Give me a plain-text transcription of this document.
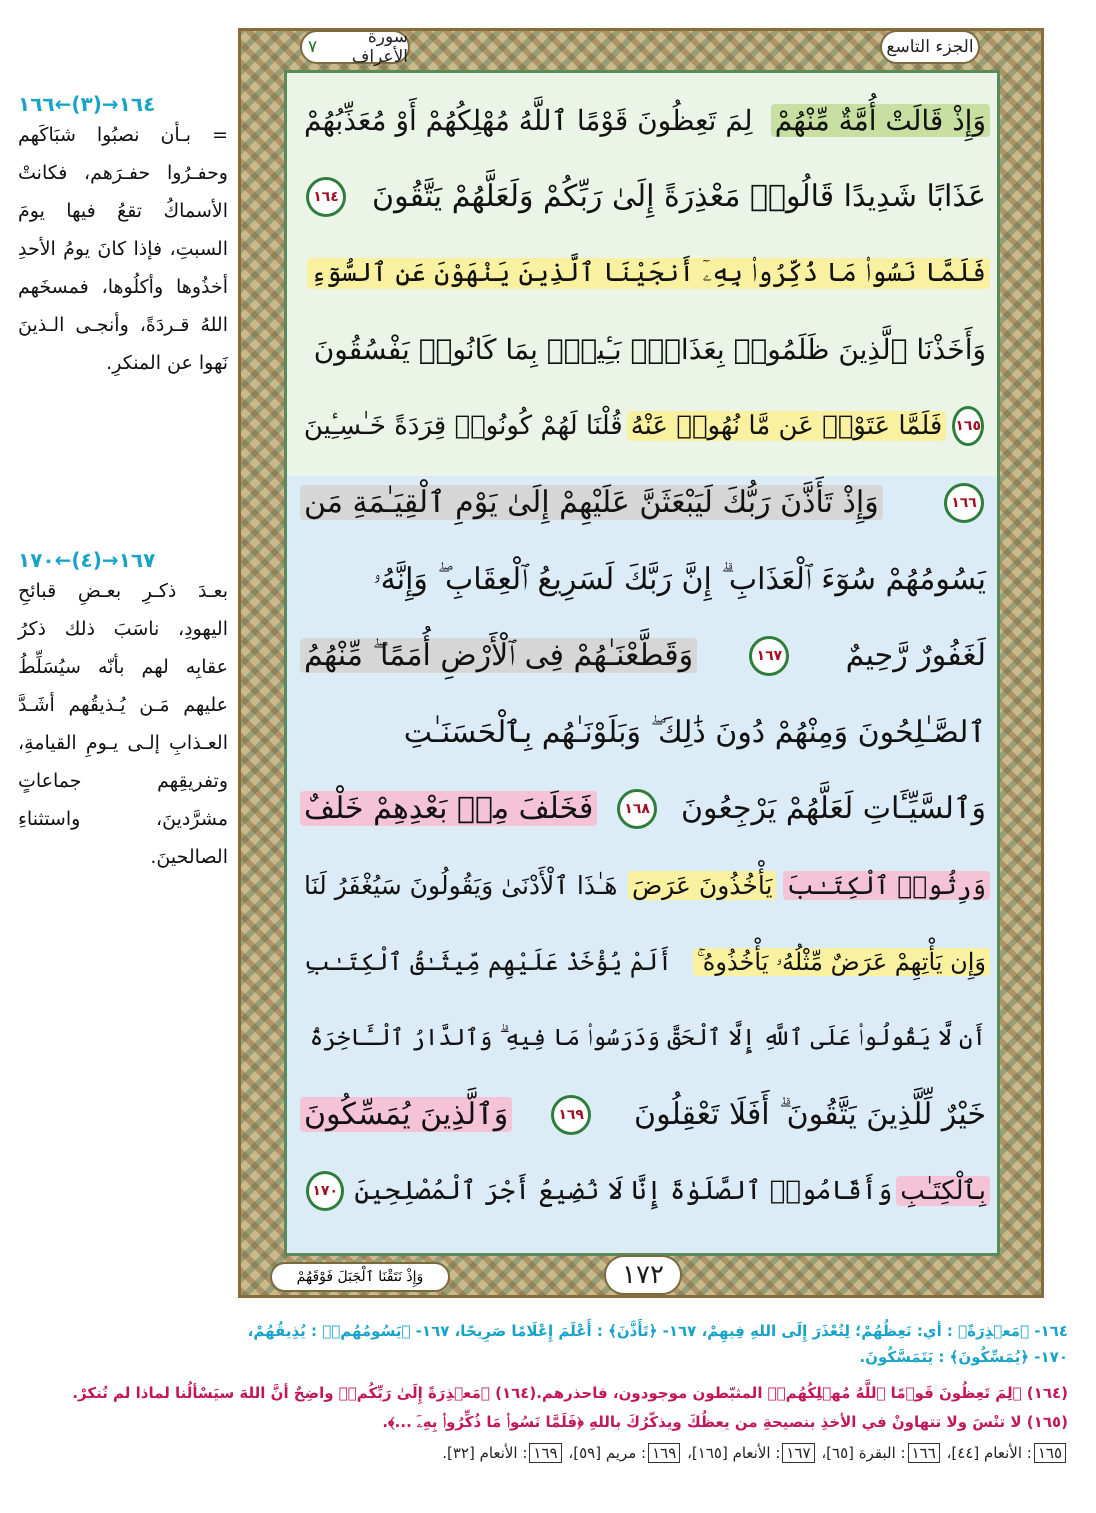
الجزء التاسع
سورة الأعراف
٧
وَإِذْ قَالَتْ أُمَّةٌ مِّنْهُمْ
لِمَ تَعِظُونَ قَوْمًا ٱللَّهُ مُهْلِكُهُمْ أَوْ مُعَذِّبُهُمْ
عَذَابًا شَدِيدًا قَالُوا۟ مَعْذِرَةً إِلَىٰ رَبِّكُمْ وَلَعَلَّهُمْ يَتَّقُونَ
١٦٤
فَلَمَّا نَسُوا۟ مَا ذُكِّرُوا۟ بِهِۦٓ أَنجَيْنَا ٱلَّذِينَ يَنْهَوْنَ عَنِ ٱلسُّوٓءِ
وَأَخَذْنَا ٱلَّذِينَ ظَلَمُوا۟ بِعَذَابٍۭ بَـِٔيسٍۭ بِمَا كَانُوا۟ يَفْسُقُونَ
١٦٥
فَلَمَّا عَتَوْا۟ عَن مَّا نُهُوا۟ عَنْهُ
قُلْنَا لَهُمْ كُونُوا۟ قِرَدَةً خَـٰسِـِٔينَ
١٦٦
وَإِذْ تَأَذَّنَ رَبُّكَ لَيَبْعَثَنَّ عَلَيْهِمْ إِلَىٰ يَوْمِ ٱلْقِيَـٰمَةِ مَن
يَسُومُهُمْ سُوٓءَ ٱلْعَذَابِ ۗ إِنَّ رَبَّكَ لَسَرِيعُ ٱلْعِقَابِ ۖ وَإِنَّهُۥ
لَغَفُورٌ رَّحِيمٌ
١٦٧
وَقَطَّعْنَـٰهُمْ فِى ٱلْأَرْضِ أُمَمًا ۖ مِّنْهُمُ
ٱلصَّـٰلِحُونَ وَمِنْهُمْ دُونَ ذَٰلِكَ ۖ وَبَلَوْنَـٰهُم بِٱلْحَسَنَـٰتِ
وَٱلسَّيِّـَٔاتِ لَعَلَّهُمْ يَرْجِعُونَ
١٦٨
فَخَلَفَ مِنۢ بَعْدِهِمْ خَلْفٌ
وَرِثُوا۟ ٱلْكِتَـٰبَ
يَأْخُذُونَ عَرَضَ
هَـٰذَا ٱلْأَدْنَىٰ وَيَقُولُونَ سَيُغْفَرُ لَنَا
وَإِن يَأْتِهِمْ عَرَضٌ مِّثْلُهُۥ يَأْخُذُوهُ ۚ
أَلَمْ يُؤْخَذْ عَلَيْهِم مِّيثَـٰقُ ٱلْكِتَـٰبِ
أَن لَّا يَقُولُوا۟ عَلَى ٱللَّهِ إِلَّا ٱلْحَقَّ وَدَرَسُوا۟ مَا فِيهِ ۗ وَٱلدَّارُ ٱلْـَٔاخِرَةُ
خَيْرٌ لِّلَّذِينَ يَتَّقُونَ ۗ أَفَلَا تَعْقِلُونَ
١٦٩
وَٱلَّذِينَ يُمَسِّكُونَ
بِٱلْكِتَـٰبِ
وَأَقَامُوا۟ ٱلصَّلَوٰةَ إِنَّا لَا نُضِيعُ أَجْرَ ٱلْمُصْلِحِينَ
١٧٠
١٧٢
وَإِذْ نَتَقْنَا ٱلْجَبَلَ فَوْقَهُمْ
١٦٤→(٣)←١٦٦
= بـأن نصبُوا شبَاكَهم وحفـرُوا حفـرَهم، فكانتْ الأسماكُ تقعُ فيها يومَ السبتِ، فإذا كانَ يومُ الأحدِ أخذُوها وأكلُوها، فمسخَهم اللهُ قـردَةً، وأنجـى الـذينَ نَهوا عن المنكرِ.
١٦٧→(٤)←١٧٠
بعـدَ ذكـرِ بعـضِ قبائحِ اليهودِ، ناسَبَ ذلك ذكرُ عقابِه لهم بأنّه سيُسَلِّطُ عليهم مَـن يُـذيقُهم أشَـدَّ العـذابِ إلـى يـومِ القيامةِ، وتفريقِهم جماعاتٍ مشرَّدينَ، واستثناءِ الصالحينَ.
١٦٤- ﴿مَعۡذِرَةً﴾ : أي: نَعِظُهُمْ؛ لِنُعْذَرَ إِلَى اللهِ فِيهِمْ، ١٦٧- ﴿تَأَذَّنَ﴾ : أَعْلَمَ إِعْلَامًا صَرِيحًا، ١٦٧- ﴿يَسُومُهُمۡ﴾ : يُذِيقُهُمْ،
١٧٠- ﴿يُمَسِّكُونَ﴾ : يَتَمَسَّكُونَ.
(١٦٤) ﴿لِمَ تَعِظُونَ قَوۡمًا ٱللَّهُ مُهۡلِكُهُمۡ﴾ المثبّطون موجودون، فاحذرهم.(١٦٤) ﴿مَعۡذِرَةً إِلَىٰ رَبِّكُمۡ﴾ واضِحٌ أنَّ اللهَ سيَسْألُنا لماذا لم نُنكرْ.
(١٦٥) لا تنْسَ ولا تتهاونْ في الأخذِ بنصيحةِ من يعظُكَ ويذكّرُكَ باللهِ ﴿فَلَمَّا نَسُوا۟ مَا ذُكِّرُوا۟ بِهِۦٓ ...﴾.
١٦٥: الأنعام [٤٤]، ١٦٦: البقرة [٦٥]، ١٦٧: الأنعام [١٦٥]، ١٦٩: مريم [٥٩]، ١٦٩: الأنعام [٣٢].
